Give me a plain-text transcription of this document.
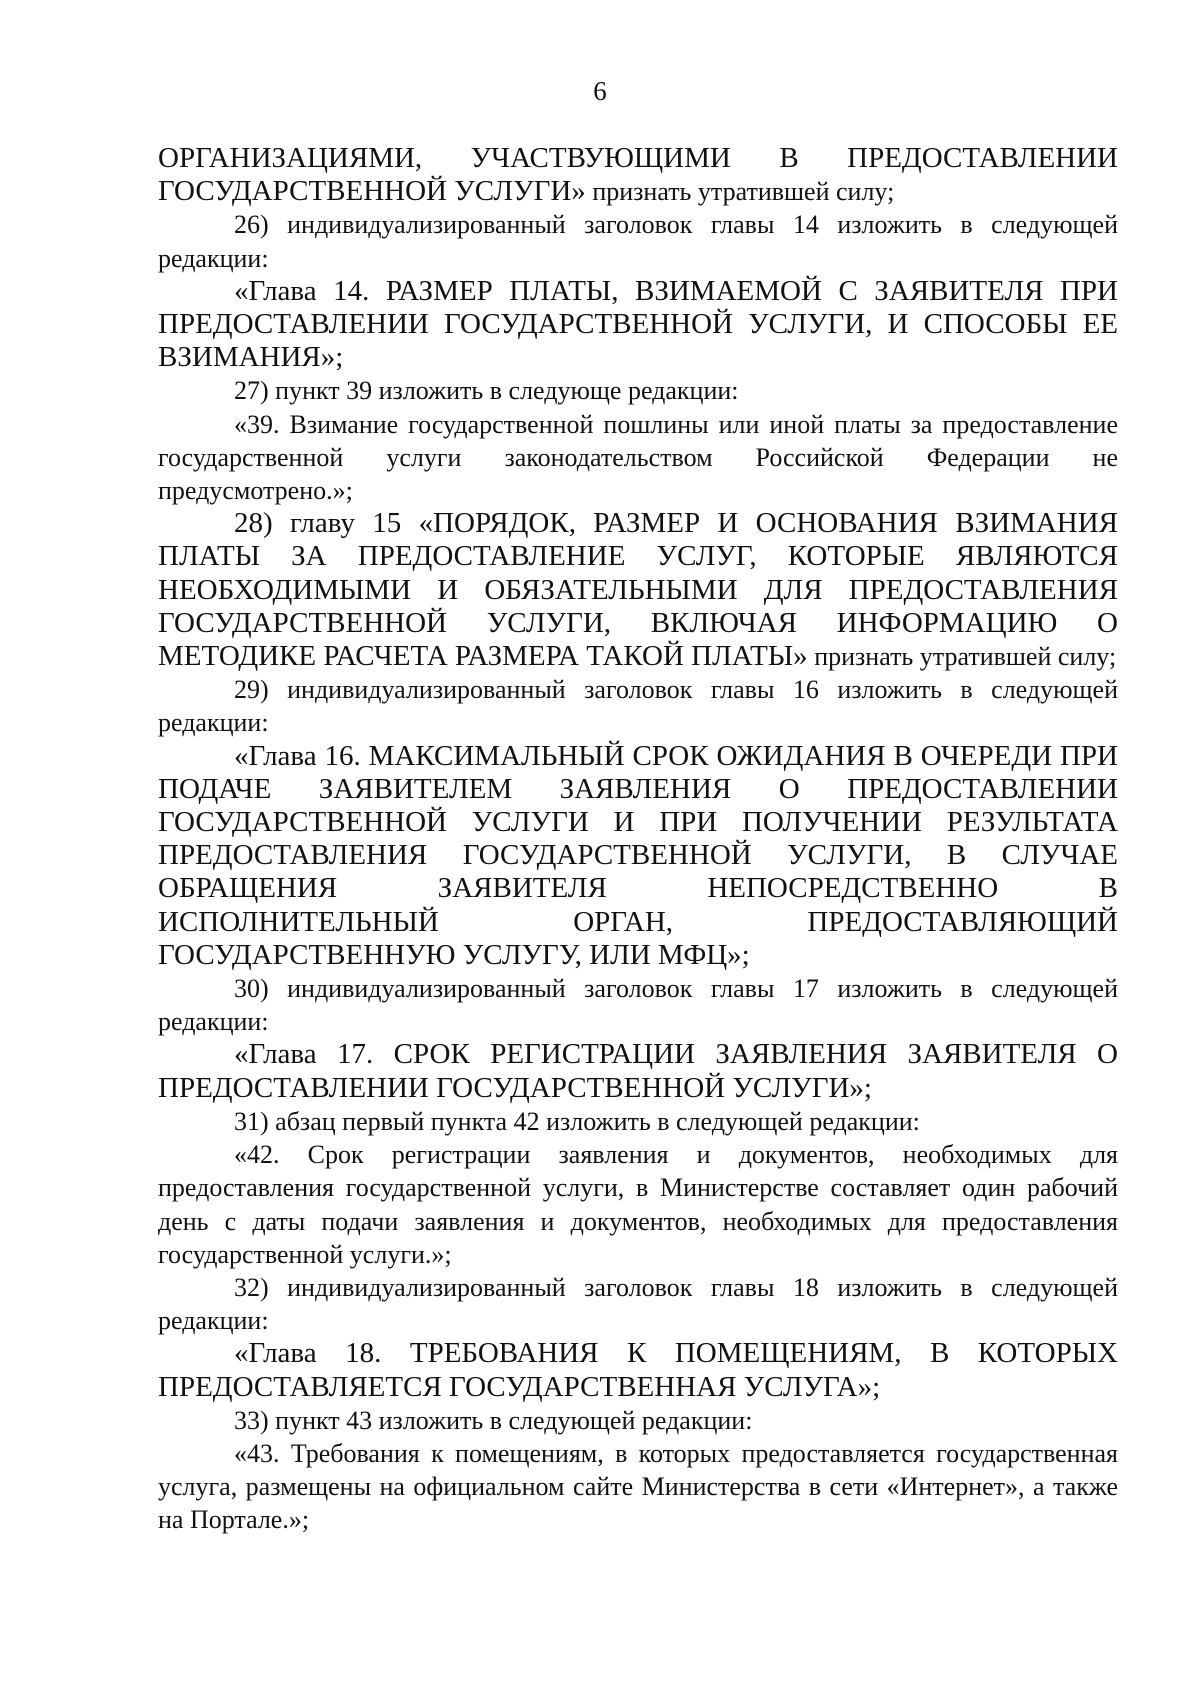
6

ОРГАНИЗАЦИЯМИ, УЧАСТВУЮЩИМИ В ПРЕДОСТАВЛЕНИИ ГОСУДАРСТВЕННОЙ УСЛУГИ» признать утратившей силу;

26) индивидуализированный заголовок главы 14 изложить в следующей редакции:

«Глава 14. РАЗМЕР ПЛАТЫ, ВЗИМАЕМОЙ С ЗАЯВИТЕЛЯ ПРИ ПРЕДОСТАВЛЕНИИ ГОСУДАРСТВЕННОЙ УСЛУГИ, И СПОСОБЫ ЕЕ ВЗИМАНИЯ»;

27) пункт 39 изложить в следующе редакции:

«39. Взимание государственной пошлины или иной платы за предоставление государственной услуги законодательством Российской Федерации не предусмотрено.»;

28) главу 15 «ПОРЯДОК, РАЗМЕР И ОСНОВАНИЯ ВЗИМАНИЯ ПЛАТЫ ЗА ПРЕДОСТАВЛЕНИЕ УСЛУГ, КОТОРЫЕ ЯВЛЯЮТСЯ НЕОБХОДИМЫМИ И ОБЯЗАТЕЛЬНЫМИ ДЛЯ ПРЕДОСТАВЛЕНИЯ ГОСУДАРСТВЕННОЙ УСЛУГИ, ВКЛЮЧАЯ ИНФОРМАЦИЮ О МЕТОДИКЕ РАСЧЕТА РАЗМЕРА ТАКОЙ ПЛАТЫ» признать утратившей силу;

29) индивидуализированный заголовок главы 16 изложить в следующей редакции:

«Глава 16. МАКСИМАЛЬНЫЙ СРОК ОЖИДАНИЯ В ОЧЕРЕДИ ПРИ ПОДАЧЕ ЗАЯВИТЕЛЕМ ЗАЯВЛЕНИЯ О ПРЕДОСТАВЛЕНИИ ГОСУДАРСТВЕННОЙ УСЛУГИ И ПРИ ПОЛУЧЕНИИ РЕЗУЛЬТАТА ПРЕДОСТАВЛЕНИЯ ГОСУДАРСТВЕННОЙ УСЛУГИ, В СЛУЧАЕ ОБРАЩЕНИЯ ЗАЯВИТЕЛЯ НЕПОСРЕДСТВЕННО В ИСПОЛНИТЕЛЬНЫЙ ОРГАН, ПРЕДОСТАВЛЯЮЩИЙ ГОСУДАРСТВЕННУЮ УСЛУГУ, ИЛИ МФЦ»;

30) индивидуализированный заголовок главы 17 изложить в следующей редакции:

«Глава 17. СРОК РЕГИСТРАЦИИ ЗАЯВЛЕНИЯ ЗАЯВИТЕЛЯ О ПРЕДОСТАВЛЕНИИ ГОСУДАРСТВЕННОЙ УСЛУГИ»;

31) абзац первый пункта 42 изложить в следующей редакции:

«42. Срок регистрации заявления и документов, необходимых для предоставления государственной услуги, в Министерстве составляет один рабочий день с даты подачи заявления и документов, необходимых для предоставления государственной услуги.»;

32) индивидуализированный заголовок главы 18 изложить в следующей редакции:

«Глава 18. ТРЕБОВАНИЯ К ПОМЕЩЕНИЯМ, В КОТОРЫХ ПРЕДОСТАВЛЯЕТСЯ ГОСУДАРСТВЕННАЯ УСЛУГА»;

33) пункт 43 изложить в следующей редакции:

«43. Требования к помещениям, в которых предоставляется государственная услуга, размещены на официальном сайте Министерства в сети «Интернет», а также на Портале.»;
